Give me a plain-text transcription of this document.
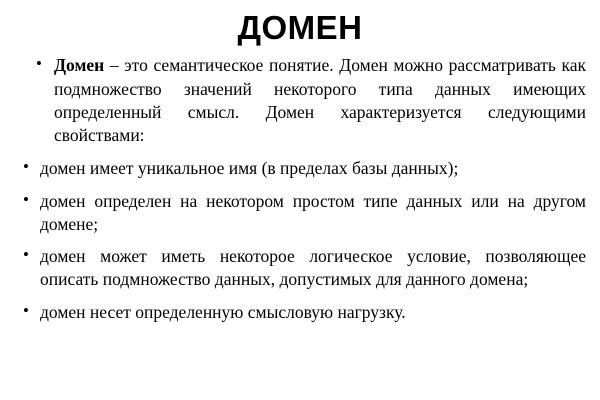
ДОМЕН
• Домен – это семантическое понятие. Домен можно рассматривать как подмножество значений некоторого типа данных имеющих определенный смысл. Домен характеризуется следующими свойствами:
• домен имеет уникальное имя (в пределах базы данных);
• домен определен на некотором простом типе данных или на другом домене;
• домен может иметь некоторое логическое условие, позволяющее описать подмножество данных, допустимых для данного домена;
• домен несет определенную смысловую нагрузку.
